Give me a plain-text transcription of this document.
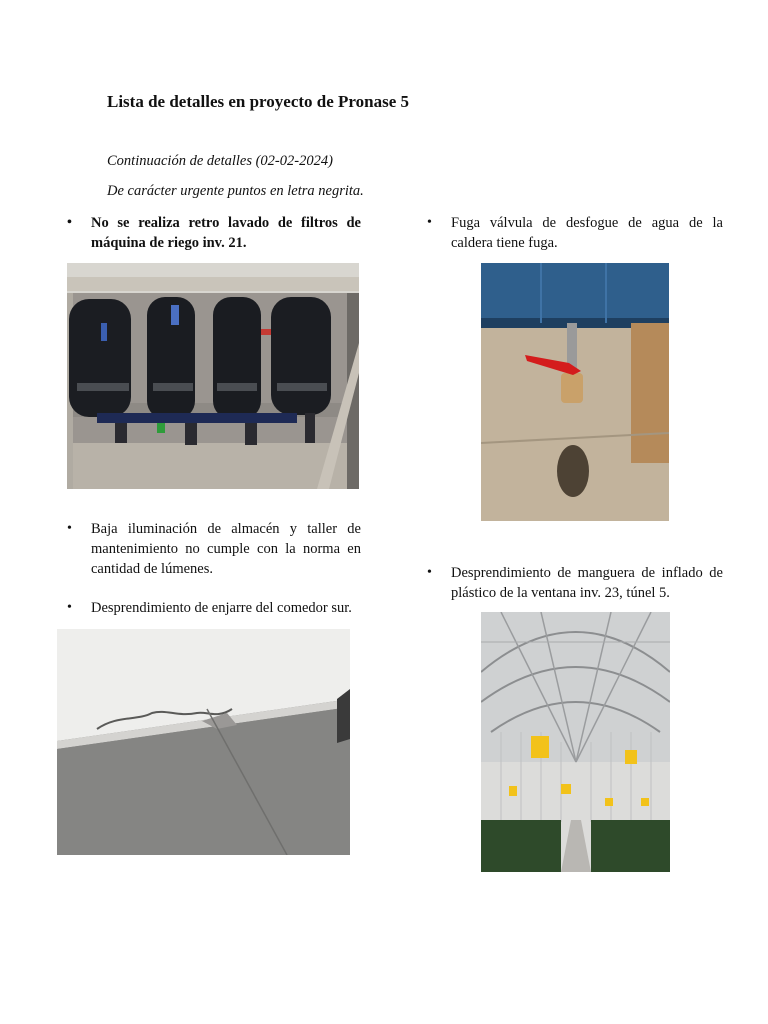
Lista de detalles en proyecto de Pronase 5

Continuación de detalles (02-02-2024)

De carácter urgente puntos en letra negrita.

• No se realiza retro lavado de filtros de máquina de riego inv. 21.
• Baja iluminación de almacén y taller de mantenimiento no cumple con la norma en cantidad de lúmenes.
• Desprendimiento de enjarre del comedor sur.
• Fuga válvula de desfogue de agua de la caldera tiene fuga.
• Desprendimiento de manguera de inflado de plástico de la ventana inv. 23, túnel 5.
